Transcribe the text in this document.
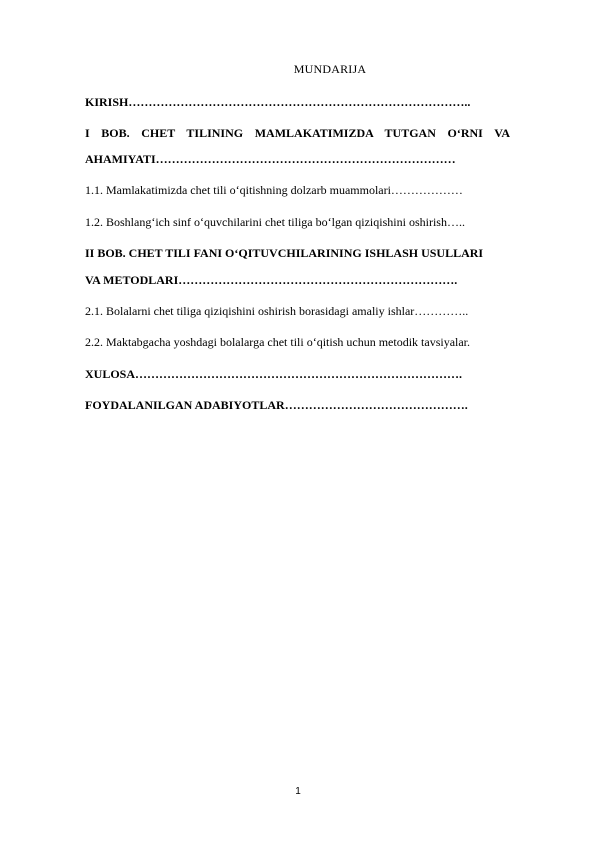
MUNDARIJA
KIRISH…………………………………………………………………………..
I BOB. CHET TILINING MAMLAKATIMIZDA TUTGAN O‘RNI VA
AHAMIYATI…………………………………………………………………
1.1. Mamlakatimizda chet tili o‘qitishning dolzarb muammolari………………
1.2. Boshlang‘ich sinf o‘quvchilarini chet tiliga bo‘lgan qiziqishini oshirish…..
II BOB. CHET TILI FANI O‘QITUVCHILARINING ISHLASH USULLARI
VA METODLARI…………………………………………………………….
2.1. Bolalarni chet tiliga qiziqishini oshirish borasidagi amaliy ishlar…………..
2.2. Maktabgacha yoshdagi bolalarga chet tili o‘qitish uchun metodik tavsiyalar.
XULOSA……………………………………………………………………….
FOYDALANILGAN ADABIYOTLAR……………………………………….
1
